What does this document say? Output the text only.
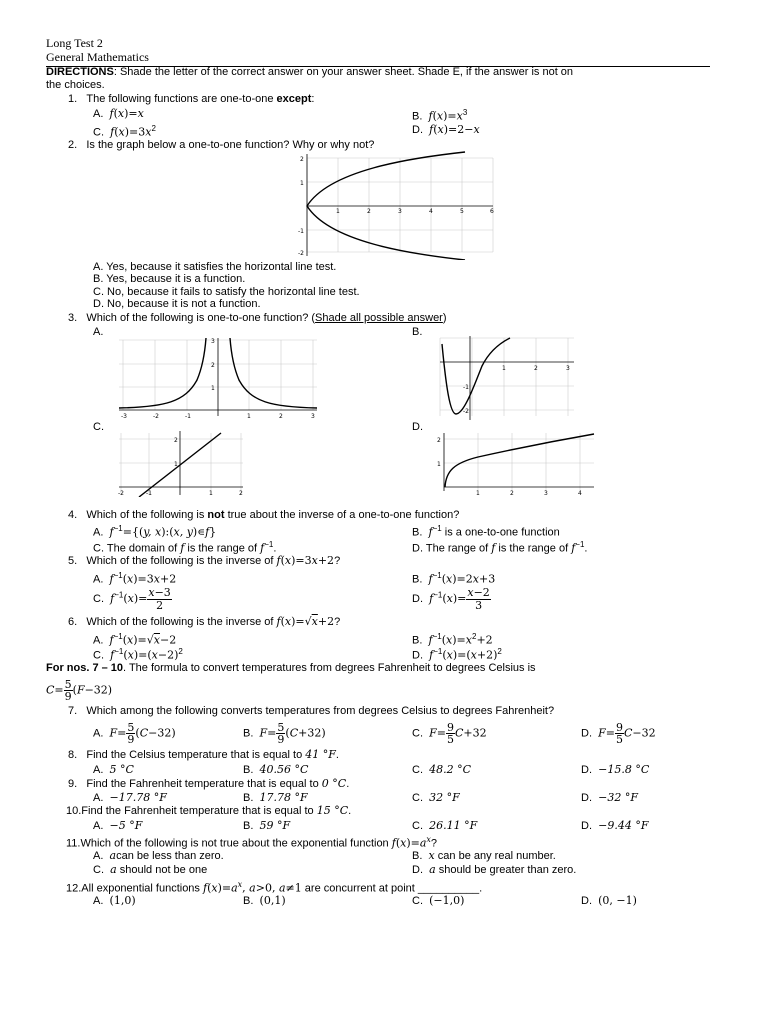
Long Test 2
General Mathematics
DIRECTIONS: Shade the letter of the correct answer on your answer sheet. Shade E, if the answer is not on
the choices.
1. The following functions are one-to-one except:
A. f(x)=x	B. $f(x)=x^3$
C. $f(x)=3x^2$	D. f(x)=2−x
2. Is the graph below a one-to-one function? Why or why not?
2
1
-1
-2
1	2	3	4	5	6
A. Yes, because it satisfies the horizontal line test.
B. Yes, because it is a function.
C. No, because it fails to satisfy the horizontal line test.
D. No, because it is not a function.
3. Which of the following is one-to-one function? (Shade all possible answer)
A.	B.
3
2
1
-3	-2	-1	1	2	3
-1
-2
1	2	3
C.	D.
2
1
-2	-1	1	2
2
1
1	2	3	4
4. Which of the following is not true about the inverse of a one-to-one function?
A. $f^{-1}=\{(y$, x):(x, y)∊f}	B. $f^{-1}$ is a one-to-one function
C. The domain of f is the range of $f^{-1}$.	D. The range of f is the range of $f^{-1}$.
5. Which of the following is the inverse of f(x)=3x+2?
A. $f^{-1}(x)=3x+2$	B. $f^{-1}(x)=2x+3$
C. $f^{-1}(x)= \frac{x-3}{2}$	D. $f^{-1}(x)= \frac{x-2}{3}$
6. Which of the following is the inverse of f(x)=√x+2?
A. $f^{-1}(x)=√x-2$	B. $f^{-1}(x)=x^2+2$
C. $f^{-1}(x)=(x-2)^2$	D. $f^{-1}(x)=(x+2)^2$
For nos. 7 – 10. The formula to convert temperatures from degrees Fahrenheit to degrees Celsius is
$C= \frac{5}{9} (F-32)$
7. Which among the following converts temperatures from degrees Celsius to degrees Fahrenheit?
A. $F= \frac{5}{9} (C-32)$	B. $F= \frac{5}{9} (C+32)$	C. $F= \frac{9}{5} C+32$	D. $F= \frac{9}{5} C-32$
8. Find the Celsius temperature that is equal to 41 °F.
A. 5 °C	B. 40.56 °C	C. 48.2 °C	D. −15.8 °C
9. Find the Fahrenheit temperature that is equal to 0 °C.
A. −17.78 °F	B. 17.78 °F	C. 32 °F	D. −32 °F
10.Find the Fahrenheit temperature that is equal to 15 °C.
A. −5 °F	B. 59 °F	C. 26.11 °F	D. −9.44 °F
11.Which of the following is not true about the exponential function $f(x)=a^x$?
A. acan be less than zero.	B. x can be any real number.
C. a should not be one	D. a should be greater than zero.
12.All exponential functions $f(x)=a^x$, a>0, a≠1 are concurrent at point __________.
A. (1,0)	B. (0,1)	C. (−1,0)	D. (0, −1)
